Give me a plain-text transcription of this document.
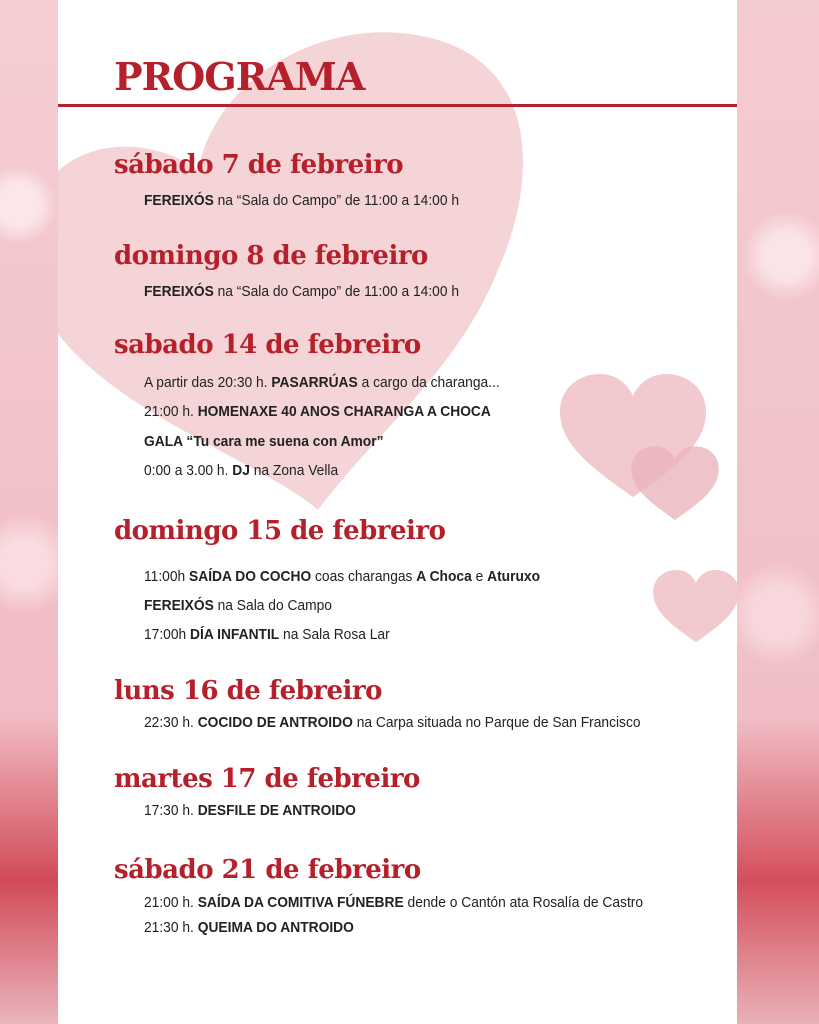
PROGRAMA
sábado 7 de febreiro

FEREIXÓS na “Sala do Campo” de 11:00 a 14:00 h

domingo 8 de febreiro

FEREIXÓS na “Sala do Campo” de 11:00 a 14:00 h

sabado 14 de febreiro

A partir das 20:30 h. PASARRÚAS a cargo da charanga...

21:00 h. HOMENAXE 40 ANOS CHARANGA A CHOCA

GALA “Tu cara me suena con Amor”

0:00 a 3.00 h. DJ na Zona Vella

domingo 15 de febreiro

11:00h SAÍDA DO COCHO coas charangas A Choca e Aturuxo

FEREIXÓS na Sala do Campo

17:00h DÍA INFANTIL na Sala Rosa Lar

luns 16 de febreiro

22:30 h. COCIDO DE ANTROIDO na Carpa situada no Parque de San Francisco

martes 17 de febreiro

17:30 h. DESFILE DE ANTROIDO

sábado 21 de febreiro

21:00 h. SAÍDA DA COMITIVA FÚNEBRE dende o Cantón ata Rosalía de Castro

21:30 h. QUEIMA DO ANTROIDO
